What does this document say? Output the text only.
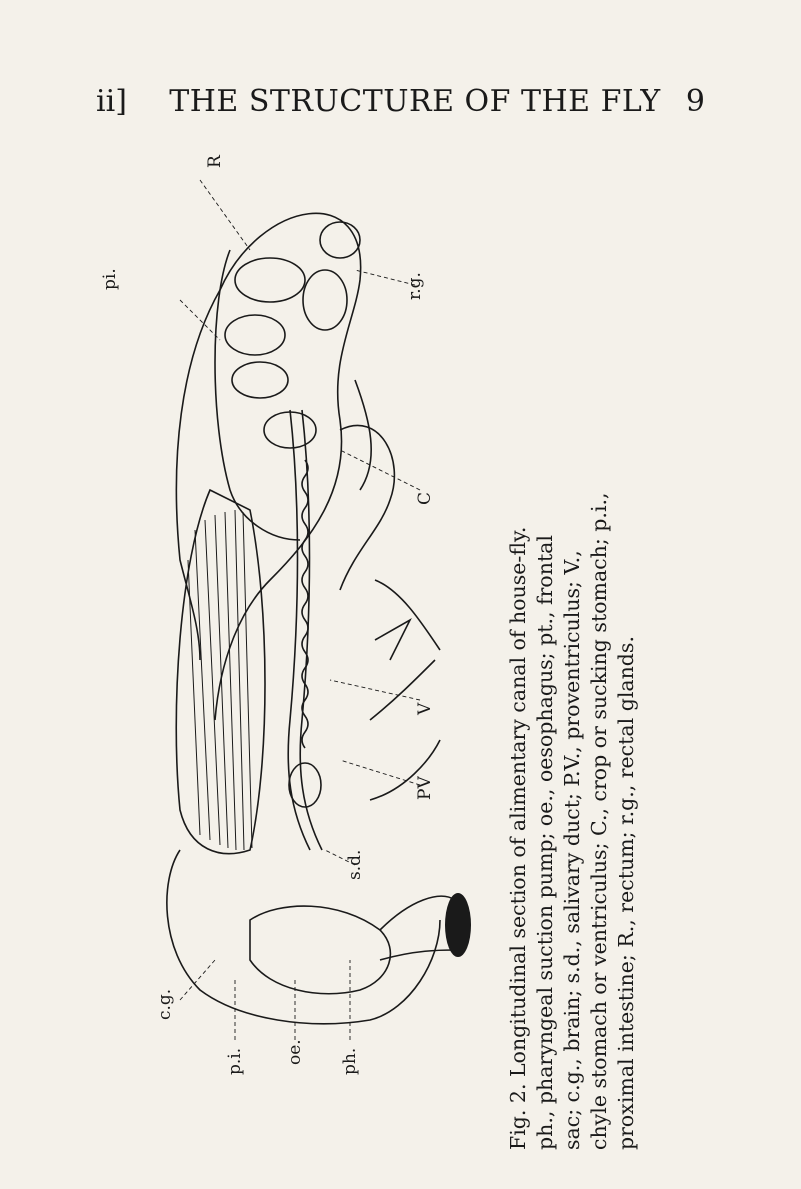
ii]	THE STRUCTURE OF THE FLY 9
R
pi.	r.g.
C
V
PV
s.d.
c.g.
p.i. oe. ph.	Fig. 2. Longitudinal section of alimentary canal of house-fly. ph., pharyngeal suction pump; oe., oesophagus; pt., frontal sac; c.g., brain; s.d., salivary duct; P.V., proventriculus; V., chyle stomach or ventriculus; C., crop or sucking stomach; p.i., proximal intestine; R., rectum; r.g., rectal glands.
